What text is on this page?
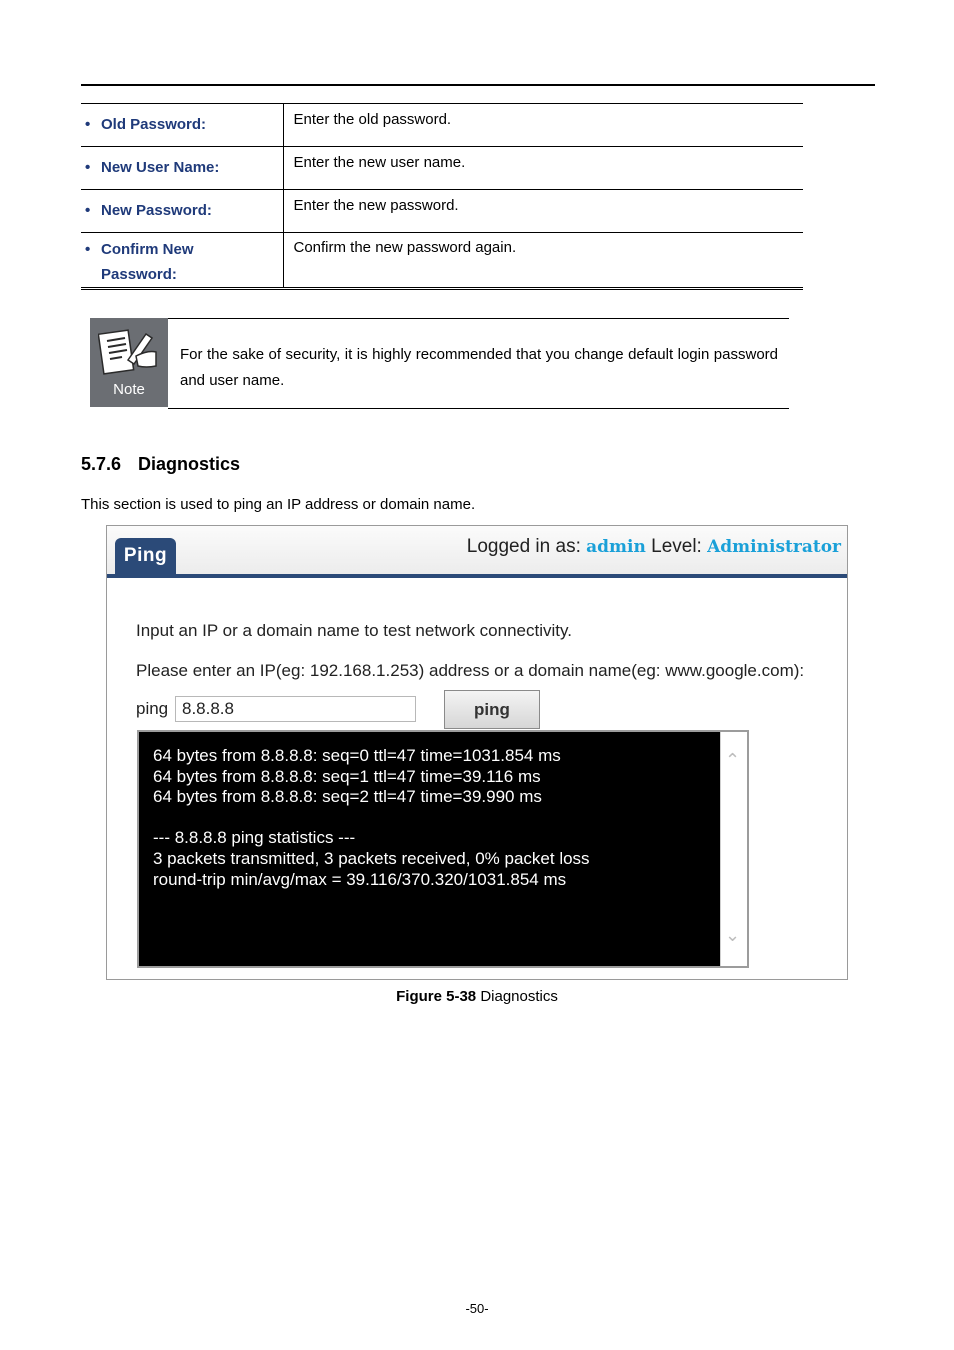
• Old Password:	Enter the old password.
• New User Name:	Enter the new user name.
• New Password:	Enter the new password.
• Confirm New
Password:	Confirm the new password again.
Note
For the sake of security, it is highly recommended that you change default login password and user name.
5.7.6 Diagnostics
This section is used to ping an IP address or domain name.
Ping	Logged in as: admin Level: Administrator
Input an IP or a domain name to test network connectivity.
Please enter an IP(eg: 192.168.1.253) address or a domain name(eg: www.google.com):
ping
8.8.8.8	ping
64 bytes from 8.8.8.8: seq=0 ttl=47 time=1031.854 ms
64 bytes from 8.8.8.8: seq=1 ttl=47 time=39.116 ms
64 bytes from 8.8.8.8: seq=2 ttl=47 time=39.990 ms

--- 8.8.8.8 ping statistics ---
3 packets transmitted, 3 packets received, 0% packet loss
round-trip min/avg/max = 39.116/370.320/1031.854 ms
⌃
⌄
Figure 5-38 Diagnostics
-50-
